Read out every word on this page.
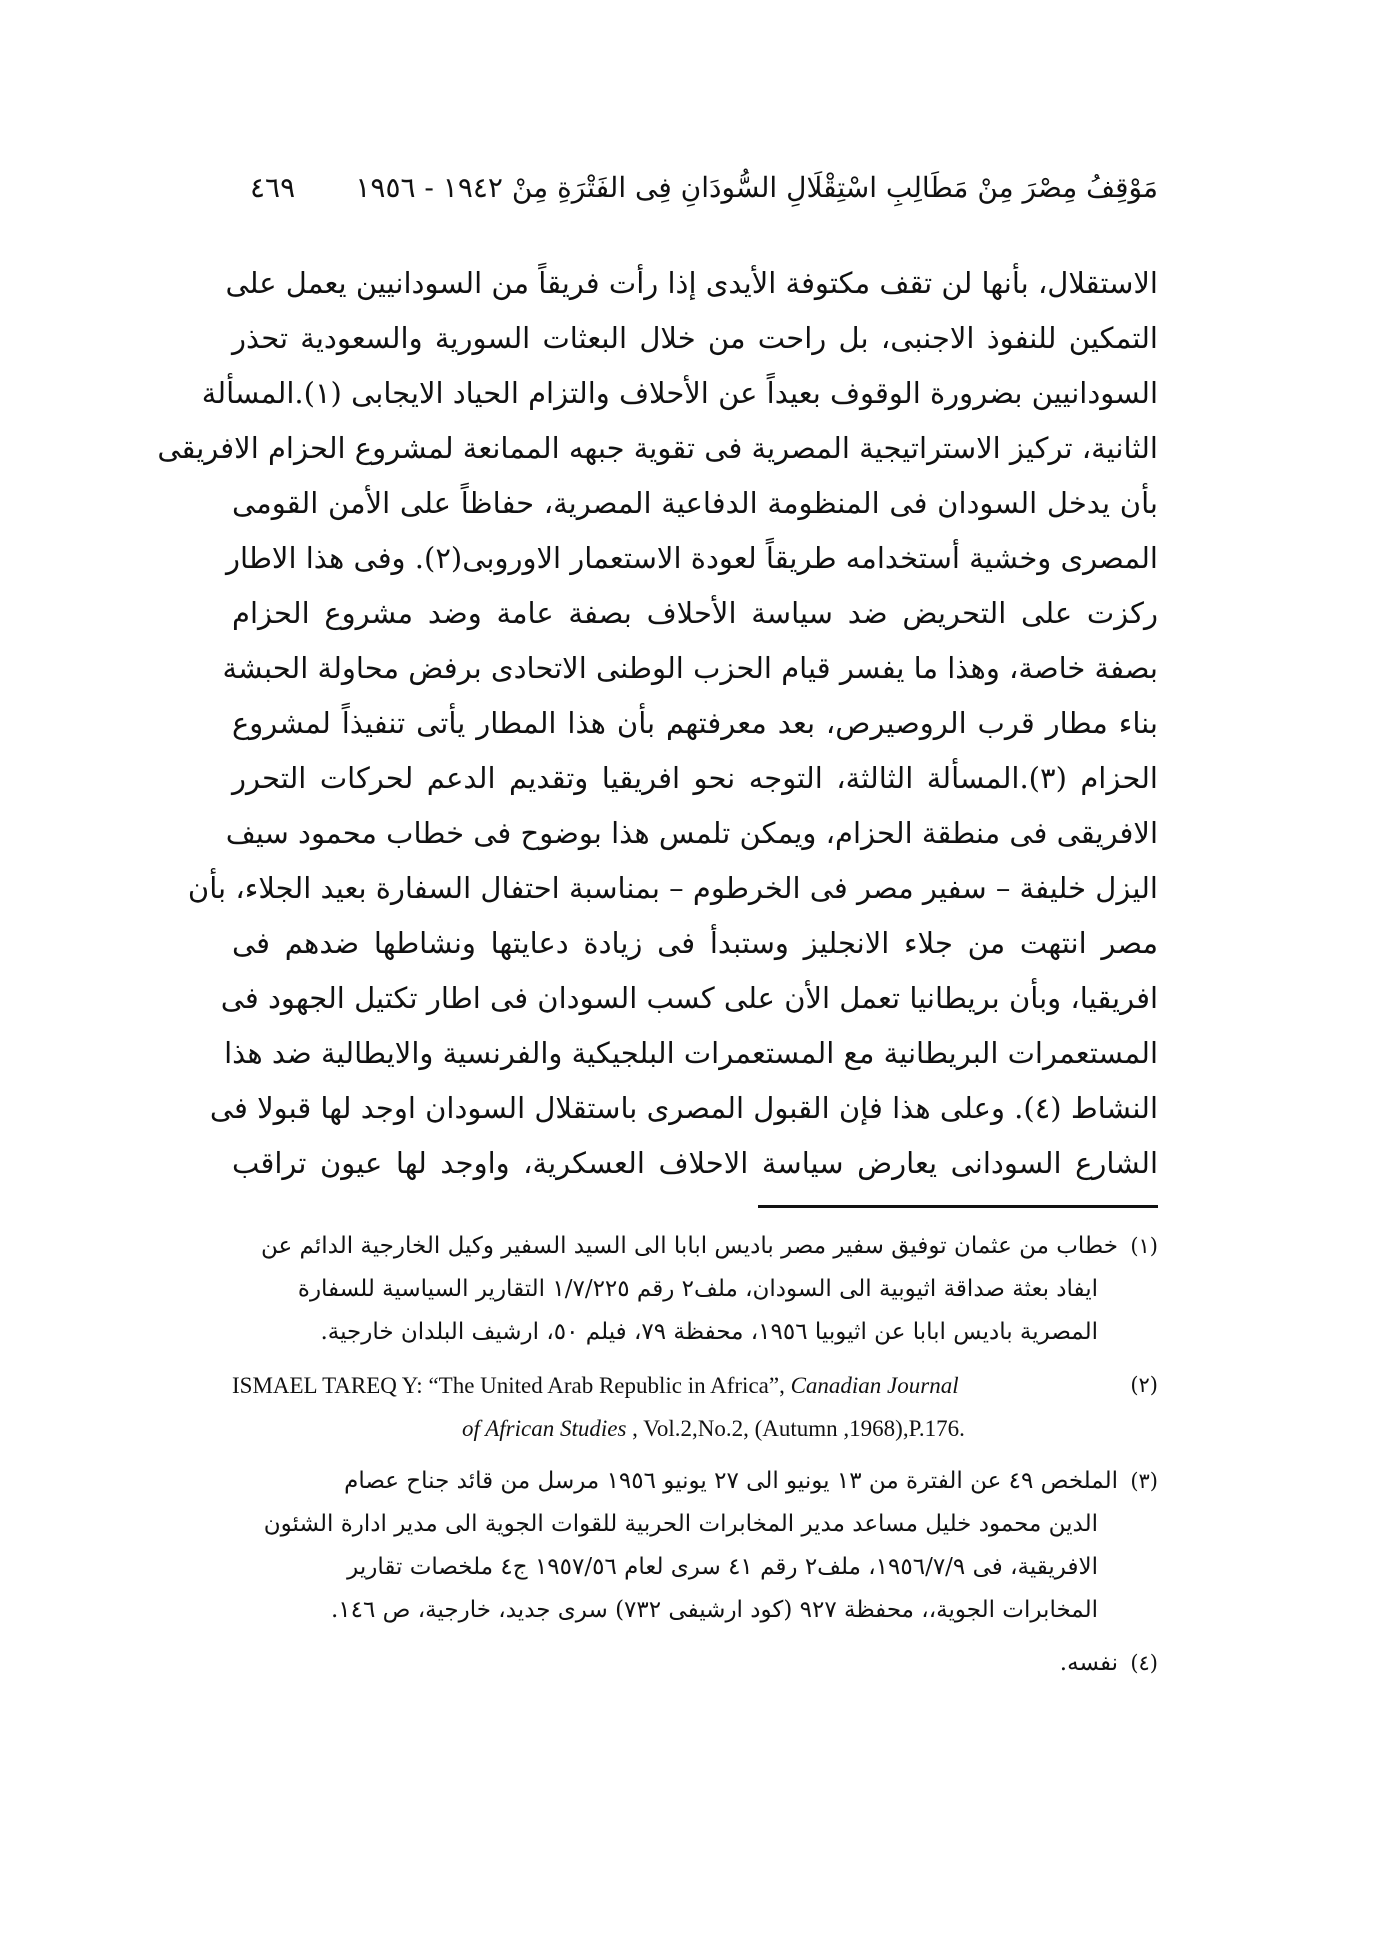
مَوْقِفُ مِصْرَ مِنْ مَطَالِبِ اسْتِقْلَالِ السُّودَانِ فِى الفَتْرَةِ مِنْ ١٩٤٢ - ١٩٥٦
٤٦٩
الاستقلال، بأنها لن تقف مكتوفة الأيدى إذا رأت فريقاً من السودانيين يعمل على
التمكين للنفوذ الاجنبى، بل راحت من خلال البعثات السورية والسعودية تحذر
السودانيين بضرورة الوقوف بعيداً عن الأحلاف والتزام الحياد الايجابى (١).المسألة
الثانية، تركيز الاستراتيجية المصرية فى تقوية جبهه الممانعة لمشروع الحزام الافريقى
بأن يدخل السودان فى المنظومة الدفاعية المصرية، حفاظاً على الأمن القومى
المصرى وخشية أستخدامه طريقاً لعودة الاستعمار الاوروبى(٢). وفى هذا الاطار
ركزت على التحريض ضد سياسة الأحلاف بصفة عامة وضد مشروع الحزام
بصفة خاصة، وهذا ما يفسر قيام الحزب الوطنى الاتحادى برفض محاولة الحبشة
بناء مطار قرب الروصيرص، بعد معرفتهم بأن هذا المطار يأتى تنفيذاً لمشروع
الحزام (٣).المسألة الثالثة، التوجه نحو افريقيا وتقديم الدعم لحركات التحرر
الافريقى فى منطقة الحزام، ويمكن تلمس هذا بوضوح فى خطاب محمود سيف
اليزل خليفة – سفير مصر فى الخرطوم – بمناسبة احتفال السفارة بعيد الجلاء، بأن
مصر انتهت من جلاء الانجليز وستبدأ فى زيادة دعايتها ونشاطها ضدهم فى
افريقيا، وبأن بريطانيا تعمل الأن على كسب السودان فى اطار تكتيل الجهود فى
المستعمرات البريطانية مع المستعمرات البلجيكية والفرنسية والايطالية ضد هذا
النشاط (٤). وعلى هذا فإن القبول المصرى باستقلال السودان اوجد لها قبولا فى
الشارع السودانى يعارض سياسة الاحلاف العسكرية، واوجد لها عيون تراقب
(١)
خطاب من عثمان توفيق سفير مصر باديس ابابا الى السيد السفير وكيل الخارجية الدائم عن
ايفاد بعثة صداقة اثيوبية الى السودان، ملف٢ رقم ١/٧/٢٢٥ التقارير السياسية للسفارة
المصرية باديس ابابا عن اثيوبيا ١٩٥٦، محفظة ٧٩، فيلم ٥٠، ارشيف البلدان خارجية.
(٢)
ISMAEL TAREQ Y: “The United Arab Republic in Africa”, Canadian Journal
of African Studies , Vol.2,No.2, (Autumn ,1968),P.176.
(٣)
الملخص ٤٩ عن الفترة من ١٣ يونيو الى ٢٧ يونيو ١٩٥٦ مرسل من قائد جناح عصام
الدين محمود خليل مساعد مدير المخابرات الحربية للقوات الجوية الى مدير ادارة الشئون
الافريقية، فى ١٩٥٦/٧/٩، ملف٢ رقم ٤١ سرى لعام ١٩٥٧/٥٦ ج٤ ملخصات تقارير
المخابرات الجوية،، محفظة ٩٢٧ (كود ارشيفى ٧٣٢) سرى جديد، خارجية، ص ١٤٦.
(٤)
نفسه.
